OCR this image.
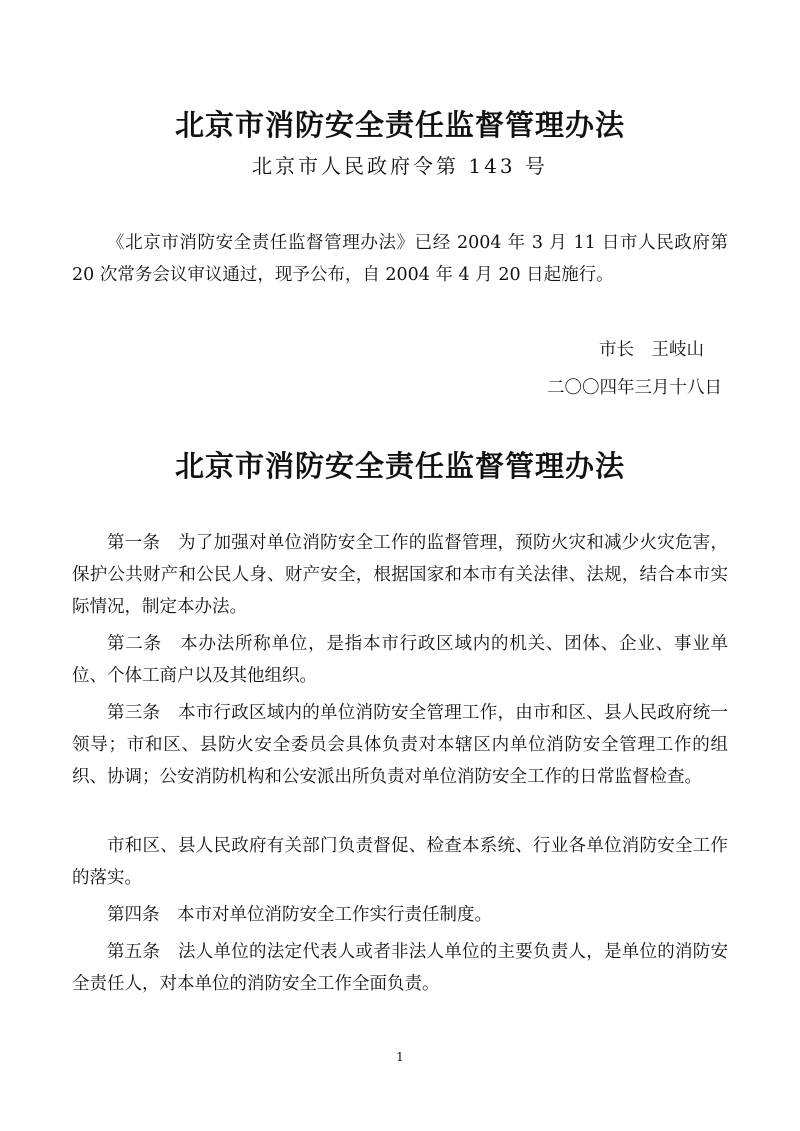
北京市消防安全责任监督管理办法
北京市人民政府令第 143 号

《北京市消防安全责任监督管理办法》已经 2004 年 3 月 11 日市人民政府第 20 次常务会议审议通过，现予公布，自 2004 年 4 月 20 日起施行。

市长　王岐山
二〇〇四年三月十八日
北京市消防安全责任监督管理办法

第一条　为了加强对单位消防安全工作的监督管理，预防火灾和减少火灾危害，保护公共财产和公民人身、财产安全，根据国家和本市有关法律、法规，结合本市实际情况，制定本办法。

第二条　本办法所称单位，是指本市行政区域内的机关、团体、企业、事业单位、个体工商户以及其他组织。

第三条　本市行政区域内的单位消防安全管理工作，由市和区、县人民政府统一领导；市和区、县防火安全委员会具体负责对本辖区内单位消防安全管理工作的组织、协调；公安消防机构和公安派出所负责对单位消防安全工作的日常监督检查。

市和区、县人民政府有关部门负责督促、检查本系统、行业各单位消防安全工作的落实。

第四条　本市对单位消防安全工作实行责任制度。

第五条　法人单位的法定代表人或者非法人单位的主要负责人，是单位的消防安全责任人，对本单位的消防安全工作全面负责。

1
